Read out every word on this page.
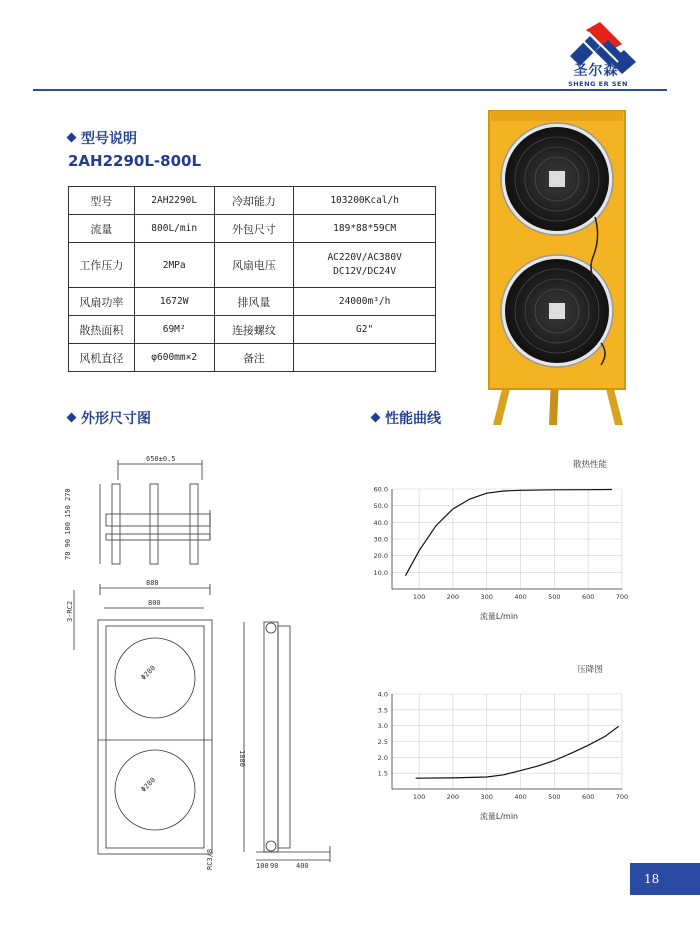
圣尔森
SHENG ER SEN
型号说明
2AH2290L-800L
型号	2AH2290L	冷却能力	103200Kcal/h
流量	800L/min	外包尺寸	189*88*59CM
工作压力	2MPa	风扇电压	AC220V/AC380V
DC12V/DC24V

风扇功率	1672W	排风量	24000m³/h
散热面积	69M²	连接螺纹	G2"
风机直径	φ600mm×2	备注	
外形尺寸图
650±0.5
70 90 100 150 270
880
800
3-RC2
Φ280
Φ280
1880
100 90	400
RC3/8
性能曲线
散热性能
100	200	300	400	500	600	700
10.0
20.0
30.0
40.0
50.0
60.0
流量L/min
压降图
100	200	300	400	500	600	700
1.5
2.0
2.5
3.0
3.5
4.0
流量L/min
18
